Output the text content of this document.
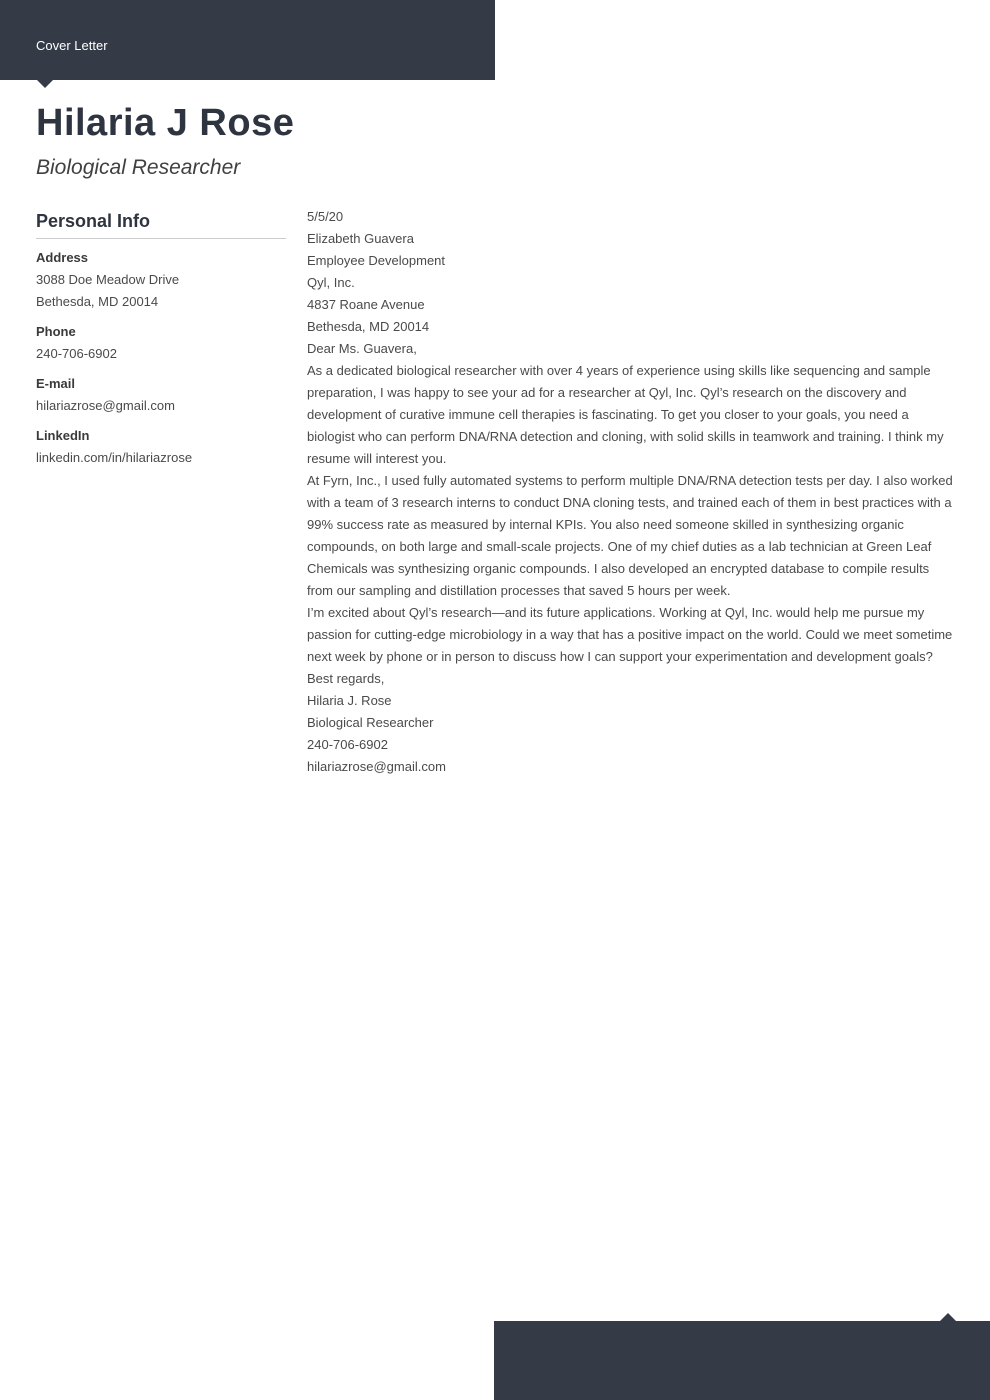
Cover Letter
Hilaria J Rose
Biological Researcher
Personal Info
Address
3088 Doe Meadow Drive
Bethesda, MD 20014
Phone
240-706-6902
E-mail
hilariazrose@gmail.com
LinkedIn
linkedin.com/in/hilariazrose
5/5/20
Elizabeth Guavera
Employee Development
Qyl, Inc.
4837 Roane Avenue
Bethesda, MD 20014
Dear Ms. Guavera,

As a dedicated biological researcher with over 4 years of experience using skills like sequencing and sample preparation, I was happy to see your ad for a researcher at Qyl, Inc. Qyl’s research on the discovery and development of curative immune cell therapies is fascinating. To get you closer to your goals, you need a biologist who can perform DNA/RNA detection and cloning, with solid skills in teamwork and training. I think my resume will interest you.

At Fyrn, Inc., I used fully automated systems to perform multiple DNA/RNA detection tests per day. I also worked with a team of 3 research interns to conduct DNA cloning tests, and trained each of them in best practices with a 99% success rate as measured by internal KPIs. You also need someone skilled in synthesizing organic compounds, on both large and small-scale projects. One of my chief duties as a lab technician at Green Leaf Chemicals was synthesizing organic compounds. I also developed an encrypted database to compile results from our sampling and distillation processes that saved 5 hours per week.

I’m excited about Qyl’s research—and its future applications. Working at Qyl, Inc. would help me pursue my passion for cutting-edge microbiology in a way that has a positive impact on the world. Could we meet sometime next week by phone or in person to discuss how I can support your experimentation and development goals?

Best regards,
Hilaria J. Rose
Biological Researcher
240-706-6902
hilariazrose@gmail.com
